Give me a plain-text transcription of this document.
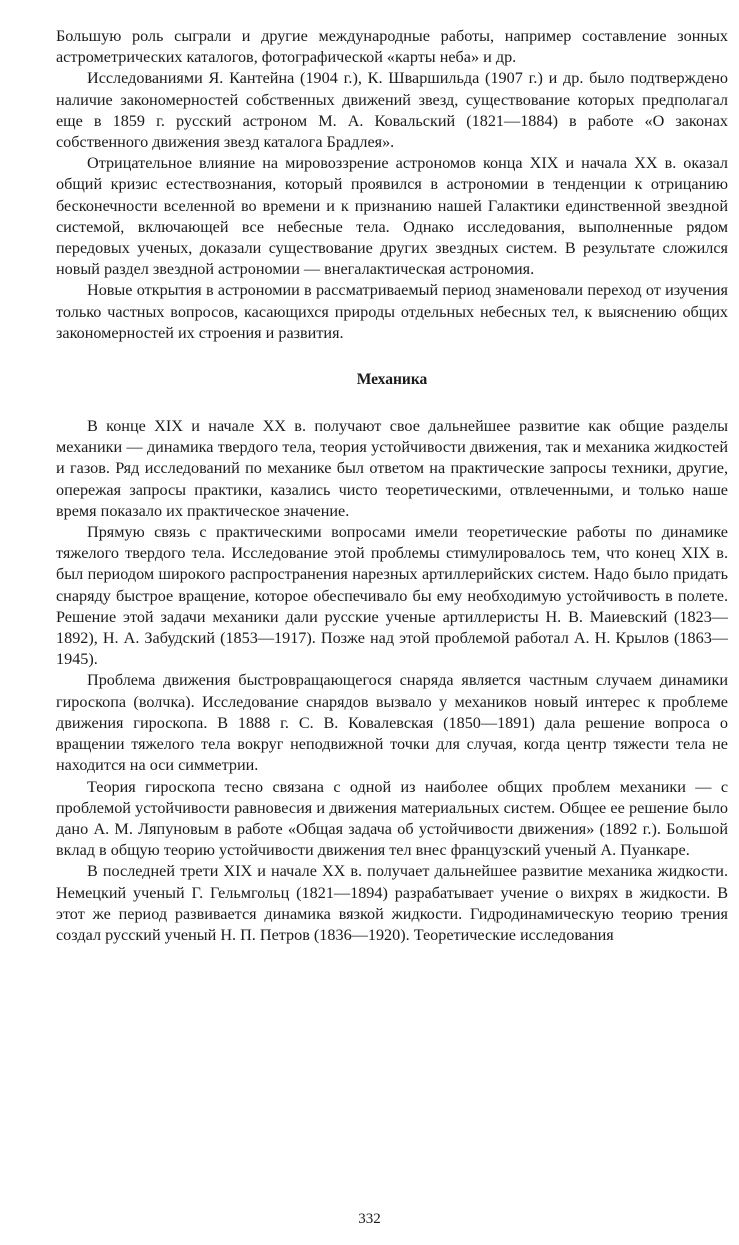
Большую роль сыграли и другие международные работы, например составление зонных астрометрических каталогов, фотографической «карты неба» и др.

Исследованиями Я. Кантейна (1904 г.), К. Шваршильда (1907 г.) и др. было подтверждено наличие закономерностей собственных движений звезд, существование которых предполагал еще в 1859 г. русский астроном М. А. Ковальский (1821—1884) в работе «О законах собственного движения звезд каталога Брадлея».

Отрицательное влияние на мировоззрение астрономов конца XIX и начала XX в. оказал общий кризис естествознания, который проявился в астрономии в тенденции к отрицанию бесконечности вселенной во времени и к признанию нашей Галактики единственной звездной системой, включающей все небесные тела. Однако исследования, выполненные рядом передовых ученых, доказали существование других звездных систем. В результате сложился новый раздел звездной астрономии — внегалактическая астрономия.

Новые открытия в астрономии в рассматриваемый период знаменовали переход от изучения только частных вопросов, касающихся природы отдельных небесных тел, к выяснению общих закономерностей их строения и развития.

Механика

В конце XIX и начале XX в. получают свое дальнейшее развитие как общие разделы механики — динамика твердого тела, теория устойчивости движения, так и механика жидкостей и газов. Ряд исследований по механике был ответом на практические запросы техники, другие, опережая запросы практики, казались чисто теоретическими, отвлеченными, и только наше время показало их практическое значение.

Прямую связь с практическими вопросами имели теоретические работы по динамике тяжелого твердого тела. Исследование этой проблемы стимулировалось тем, что конец XIX в. был периодом широкого распространения нарезных артиллерийских систем. Надо было придать снаряду быстрое вращение, которое обеспечивало бы ему необходимую устойчивость в полете. Решение этой задачи механики дали русские ученые артиллеристы Н. В. Маиевский (1823—1892), Н. А. Забудский (1853—1917). Позже над этой проблемой работал А. Н. Крылов (1863—1945).

Проблема движения быстровращающегося снаряда является частным случаем динамики гироскопа (волчка). Исследование снарядов вызвало у механиков новый интерес к проблеме движения гироскопа. В 1888 г. С. В. Ковалевская (1850—1891) дала решение вопроса о вращении тяжелого тела вокруг неподвижной точки для случая, когда центр тяжести тела не находится на оси симметрии.

Теория гироскопа тесно связана с одной из наиболее общих проблем механики — с проблемой устойчивости равновесия и движения материальных систем. Общее ее решение было дано А. М. Ляпуновым в работе «Общая задача об устойчивости движения» (1892 г.). Большой вклад в общую теорию устойчивости движения тел внес французский ученый А. Пуанкаре.

В последней трети XIX и начале XX в. получает дальнейшее развитие механика жидкости. Немецкий ученый Г. Гельмгольц (1821—1894) разрабатывает учение о вихрях в жидкости. В этот же период развивается динамика вязкой жидкости. Гидродинамическую теорию трения создал русский ученый Н. П. Петров (1836—1920). Теоретические исследования

332
